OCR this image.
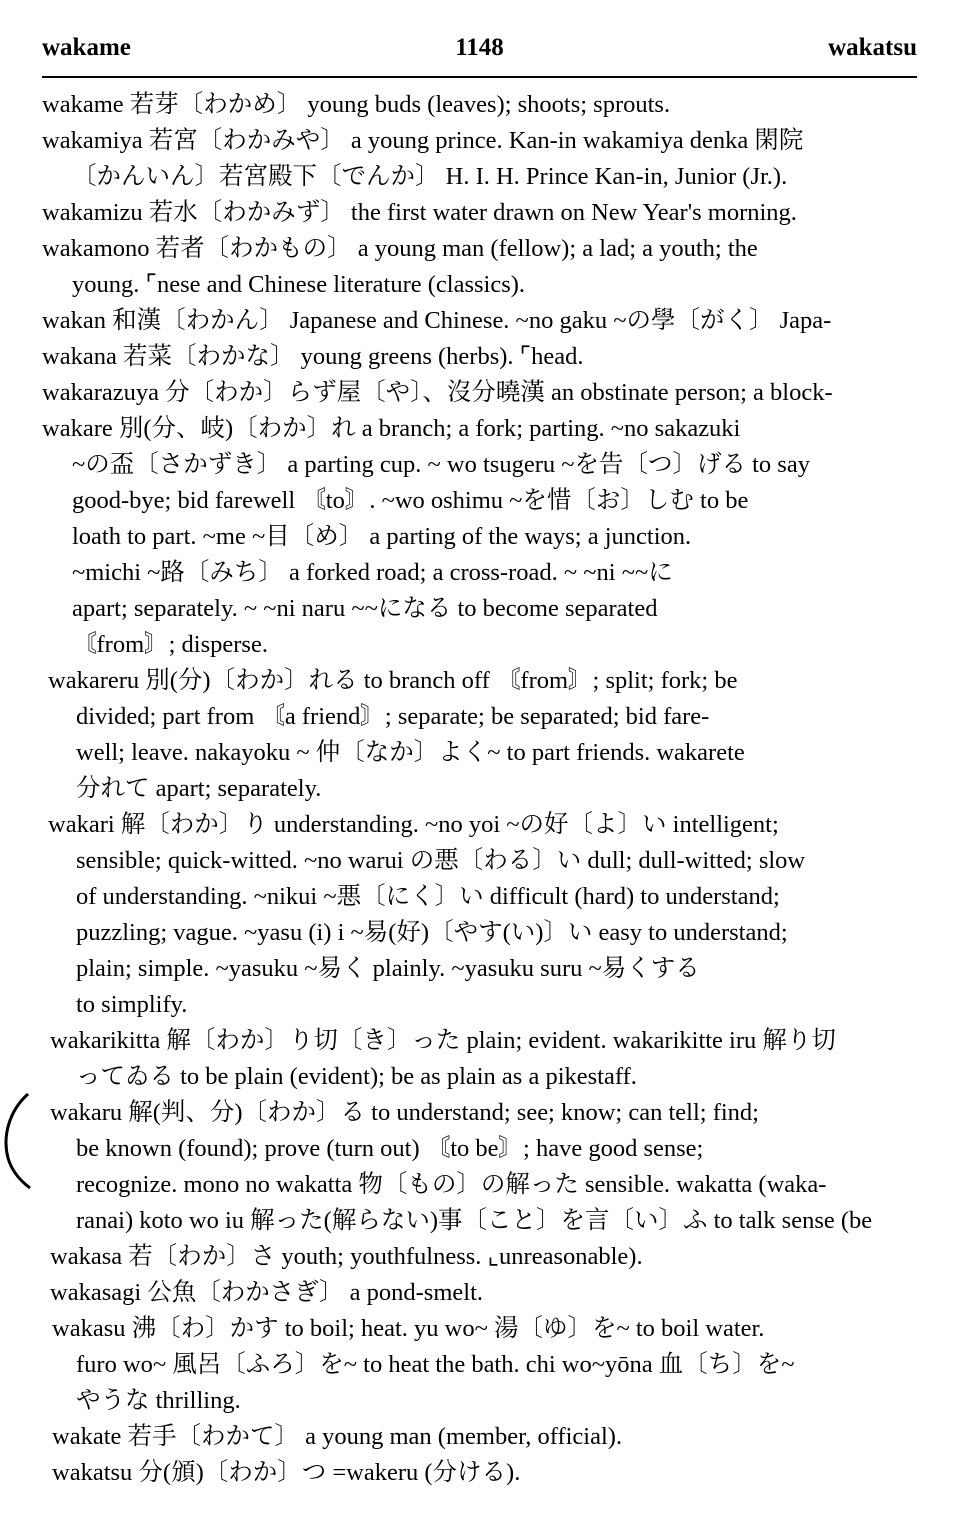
wakame	1148	wakatsu
wakame 若芽〔わかめ〕 young buds (leaves); shoots; sprouts.
wakamiya 若宮〔わかみや〕 a young prince. Kan-in wakamiya denka 閑院
〔かんいん〕若宮殿下〔でんか〕 H. I. H. Prince Kan-in, Junior (Jr.).
wakamizu 若水〔わかみず〕 the first water drawn on New Year's morning.
wakamono 若者〔わかもの〕 a young man (fellow); a lad; a youth; the
young. ⌜nese and Chinese literature (classics).
wakan 和漢〔わかん〕 Japanese and Chinese. ~no gaku ~の學〔がく〕 Japa-
wakana 若菜〔わかな〕 young greens (herbs). ⌜head.
wakarazuya 分〔わか〕らず屋〔や〕、沒分曉漢 an obstinate person; a block-
wakare 別(分、岐)〔わか〕れ a branch; a fork; parting. ~no sakazuki
~の盃〔さかずき〕 a parting cup. ~ wo tsugeru ~を告〔つ〕げる to say
good-bye; bid farewell 〘to〙. ~wo oshimu ~を惜〔お〕しむ to be
loath to part. ~me ~目〔め〕 a parting of the ways; a junction.
~michi ~路〔みち〕 a forked road; a cross-road. ~ ~ni ~~に
apart; separately. ~ ~ni naru ~~になる to become separated
〘from〙; disperse.
wakareru 別(分)〔わか〕れる to branch off 〘from〙; split; fork; be
divided; part from 〘a friend〙; separate; be separated; bid fare-
well; leave. nakayoku ~ 仲〔なか〕よく~ to part friends. wakarete
分れて apart; separately.
wakari 解〔わか〕り understanding. ~no yoi ~の好〔よ〕い intelligent;
sensible; quick-witted. ~no warui の悪〔わる〕い dull; dull-witted; slow
of understanding. ~nikui ~悪〔にく〕い difficult (hard) to understand;
puzzling; vague. ~yasu (i) i ~易(好)〔やす(い)〕い easy to understand;
plain; simple. ~yasuku ~易く plainly. ~yasuku suru ~易くする
to simplify.
wakarikitta 解〔わか〕り切〔き〕った plain; evident. wakarikitte iru 解り切
ってゐる to be plain (evident); be as plain as a pikestaff.
wakaru 解(判、分)〔わか〕る to understand; see; know; can tell; find;
be known (found); prove (turn out) 〘to be〙; have good sense;
recognize. mono no wakatta 物〔もの〕の解った sensible. wakatta (waka-
ranai) koto wo iu 解った(解らない)事〔こと〕を言〔い〕ふ to talk sense (be
wakasa 若〔わか〕さ youth; youthfulness. ⌞unreasonable).
wakasagi 公魚〔わかさぎ〕 a pond-smelt.
wakasu 沸〔わ〕かす to boil; heat. yu wo~ 湯〔ゆ〕を~ to boil water.
furo wo~ 風呂〔ふろ〕を~ to heat the bath. chi wo~yōna 血〔ち〕を~
やうな thrilling.
wakate 若手〔わかて〕 a young man (member, official).
wakatsu 分(頒)〔わか〕つ =wakeru (分ける).
